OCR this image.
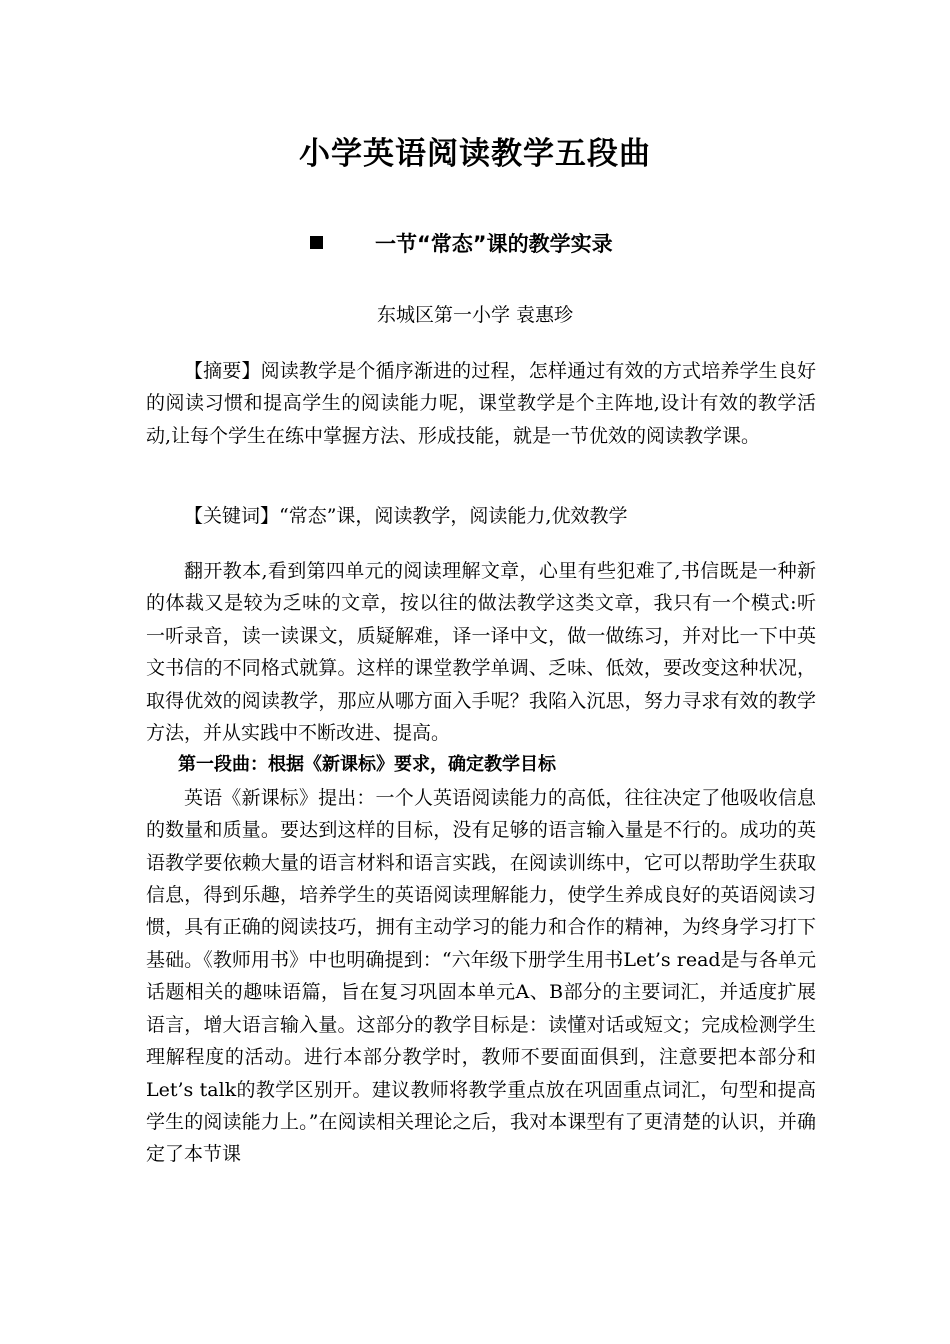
小学英语阅读教学五段曲
一节“常态”课的教学实录
东城区第一小学 袁惠珍

【摘要】阅读教学是个循序渐进的过程，怎样通过有效的方式培养学生良好的阅读习惯和提高学生的阅读能力呢，课堂教学是个主阵地,设计有效的教学活动,让每个学生在练中掌握方法、形成技能，就是一节优效的阅读教学课。

【关键词】“常态”课，阅读教学，阅读能力,优效教学

翻开教本,看到第四单元的阅读理解文章，心里有些犯难了,书信既是一种新的体裁又是较为乏味的文章，按以往的做法教学这类文章，我只有一个模式:听一听录音，读一读课文，质疑解难，译一译中文，做一做练习，并对比一下中英文书信的不同格式就算。这样的课堂教学单调、乏味、低效，要改变这种状况，取得优效的阅读教学，那应从哪方面入手呢？我陷入沉思，努力寻求有效的教学方法，并从实践中不断改进、提高。

第一段曲：根据《新课标》要求，确定教学目标

英语《新课标》提出：一个人英语阅读能力的高低，往往决定了他吸收信息的数量和质量。要达到这样的目标，没有足够的语言输入量是不行的。成功的英语教学要依赖大量的语言材料和语言实践，在阅读训练中，它可以帮助学生获取信息，得到乐趣，培养学生的英语阅读理解能力，使学生养成良好的英语阅读习惯，具有正确的阅读技巧，拥有主动学习的能力和合作的精神，为终身学习打下基础。《教师用书》中也明确提到：“六年级下册学生用书Let’s read是与各单元话题相关的趣味语篇，旨在复习巩固本单元A、B部分的主要词汇，并适度扩展语言，增大语言输入量。这部分的教学目标是：读懂对话或短文；完成检测学生理解程度的活动。进行本部分教学时，教师不要面面俱到，注意要把本部分和Let’s talk的教学区别开。建议教师将教学重点放在巩固重点词汇，句型和提高学生的阅读能力上。”在阅读相关理论之后，我对本课型有了更清楚的认识，并确定了本节课
